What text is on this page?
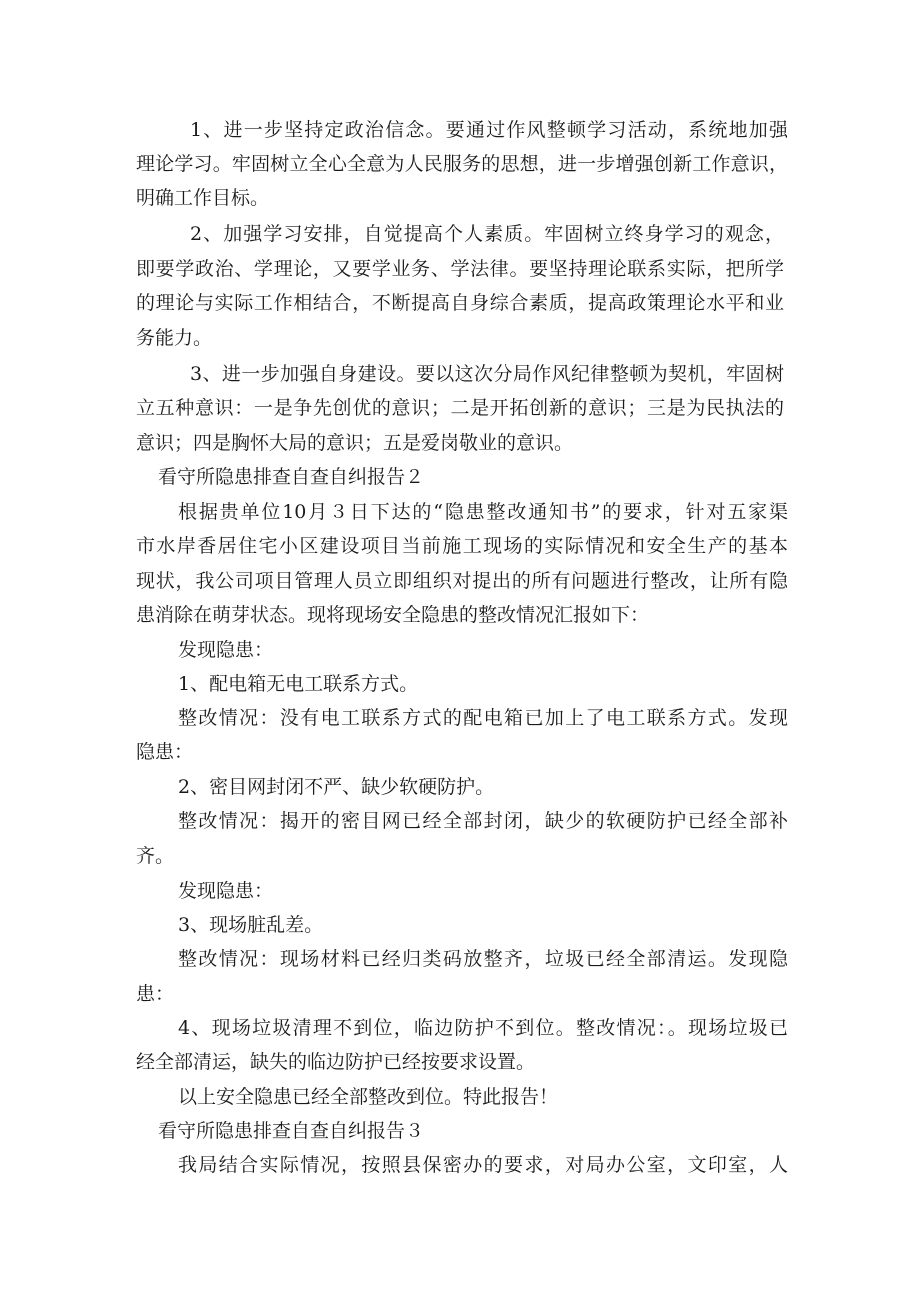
1、进一步坚持定政治信念。要通过作风整顿学习活动，系统地加强
理论学习。牢固树立全心全意为人民服务的思想，进一步增强创新工作意识，
明确工作目标。
2、加强学习安排，自觉提高个人素质。牢固树立终身学习的观念，
即要学政治、学理论，又要学业务、学法律。要坚持理论联系实际，把所学
的理论与实际工作相结合，不断提高自身综合素质，提高政策理论水平和业
务能力。
3、进一步加强自身建设。要以这次分局作风纪律整顿为契机，牢固树
立五种意识：一是争先创优的意识；二是开拓创新的意识；三是为民执法的
意识；四是胸怀大局的意识；五是爱岗敬业的意识。
看守所隐患排查自查自纠报告２
根据贵单位10月３日下达的“隐患整改通知书”的要求，针对五家渠
市水岸香居住宅小区建设项目当前施工现场的实际情况和安全生产的基本
现状，我公司项目管理人员立即组织对提出的所有问题进行整改，让所有隐
患消除在萌芽状态。现将现场安全隐患的整改情况汇报如下：
发现隐患：
1、配电箱无电工联系方式。
整改情况：没有电工联系方式的配电箱已加上了电工联系方式。发现
隐患：
2、密目网封闭不严、缺少软硬防护。
整改情况：揭开的密目网已经全部封闭，缺少的软硬防护已经全部补
齐。
发现隐患：
3、现场脏乱差。
整改情况：现场材料已经归类码放整齐，垃圾已经全部清运。发现隐
患：
4、现场垃圾清理不到位，临边防护不到位。整改情况：。现场垃圾已
经全部清运，缺失的临边防护已经按要求设置。
以上安全隐患已经全部整改到位。特此报告！
看守所隐患排查自查自纠报告３
我局结合实际情况，按照县保密办的要求，对局办公室，文印室，人
